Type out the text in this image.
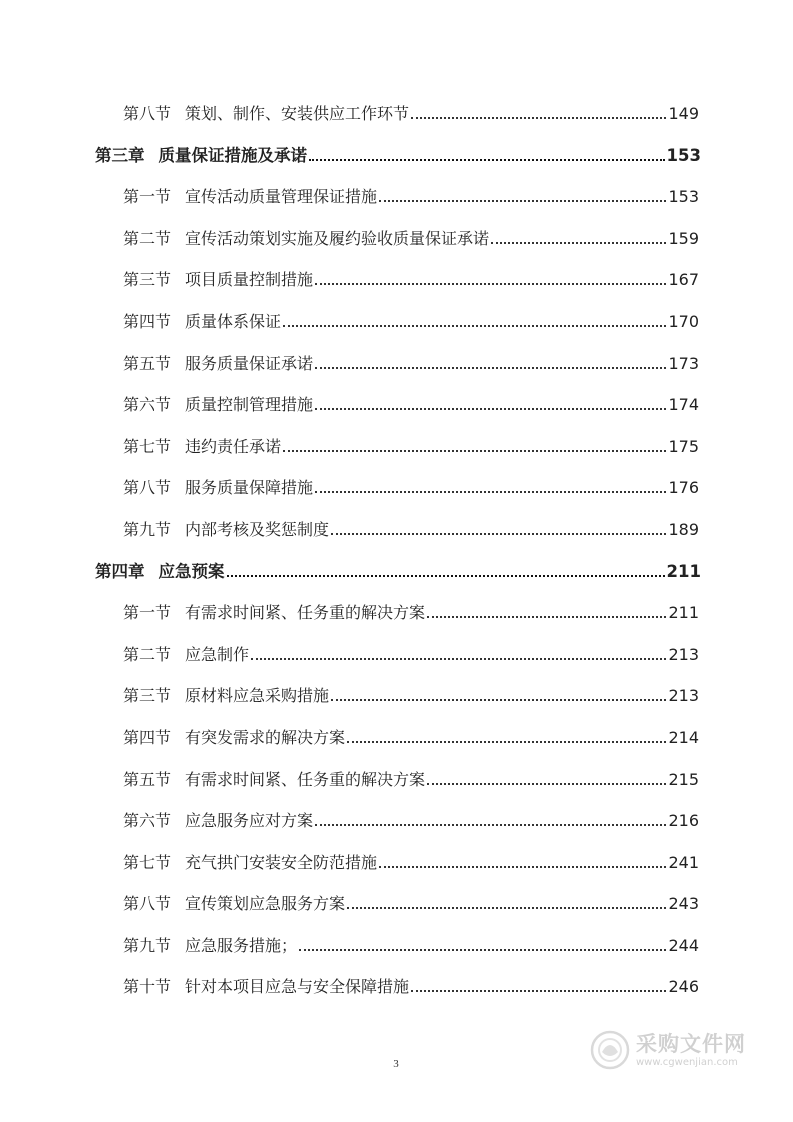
第八节 策划、制作、安装供应工作环节	149
第三章 质量保证措施及承诺	153
第一节 宣传活动质量管理保证措施	153
第二节 宣传活动策划实施及履约验收质量保证承诺	159
第三节 项目质量控制措施	167
第四节 质量体系保证	170
第五节 服务质量保证承诺	173
第六节 质量控制管理措施	174
第七节 违约责任承诺	175
第八节 服务质量保障措施	176
第九节 内部考核及奖惩制度	189
第四章 应急预案	211
第一节 有需求时间紧、任务重的解决方案	211
第二节 应急制作	213
第三节 原材料应急采购措施	213
第四节 有突发需求的解决方案	214
第五节 有需求时间紧、任务重的解决方案	215
第六节 应急服务应对方案	216
第七节 充气拱门安装安全防范措施	241
第八节 宣传策划应急服务方案	243
第九节 应急服务措施；	244
第十节 针对本项目应急与安全保障措施	246
采购文件网
www.cgwenjian.com
3
